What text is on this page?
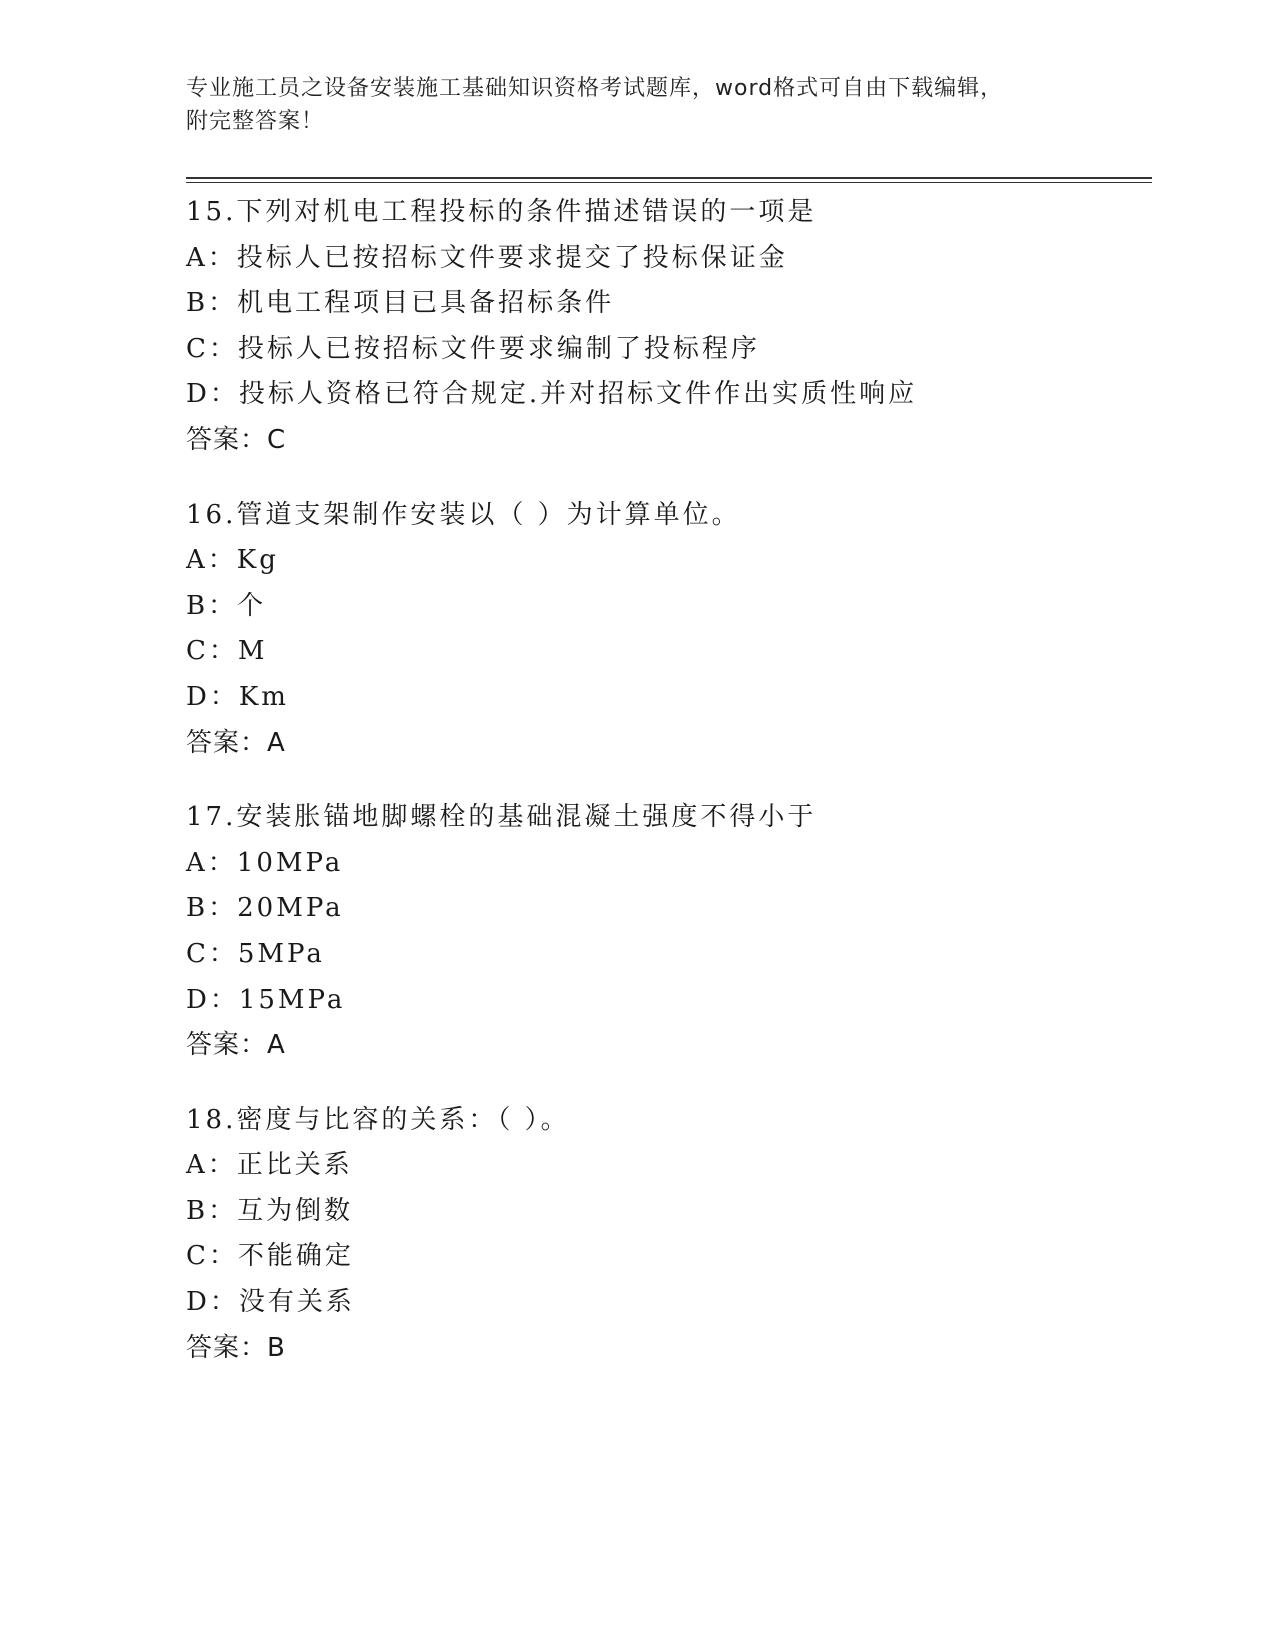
专业施工员之设备安装施工基础知识资格考试题库，word格式可自由下载编辑，
附完整答案！
15.下列对机电工程投标的条件描述错误的一项是
A：投标人已按招标文件要求提交了投标保证金
B：机电工程项目已具备招标条件
C：投标人已按招标文件要求编制了投标程序
D：投标人资格已符合规定.并对招标文件作出实质性响应
答案：C
16.管道支架制作安装以（ ）为计算单位。
A：Kg
B：个
C：M
D：Km
答案：A
17.安装胀锚地脚螺栓的基础混凝土强度不得小于
A：10MPa
B：20MPa
C：5MPa
D：15MPa
答案：A
18.密度与比容的关系：（ ）。
A：正比关系
B：互为倒数
C：不能确定
D：没有关系
答案：B
